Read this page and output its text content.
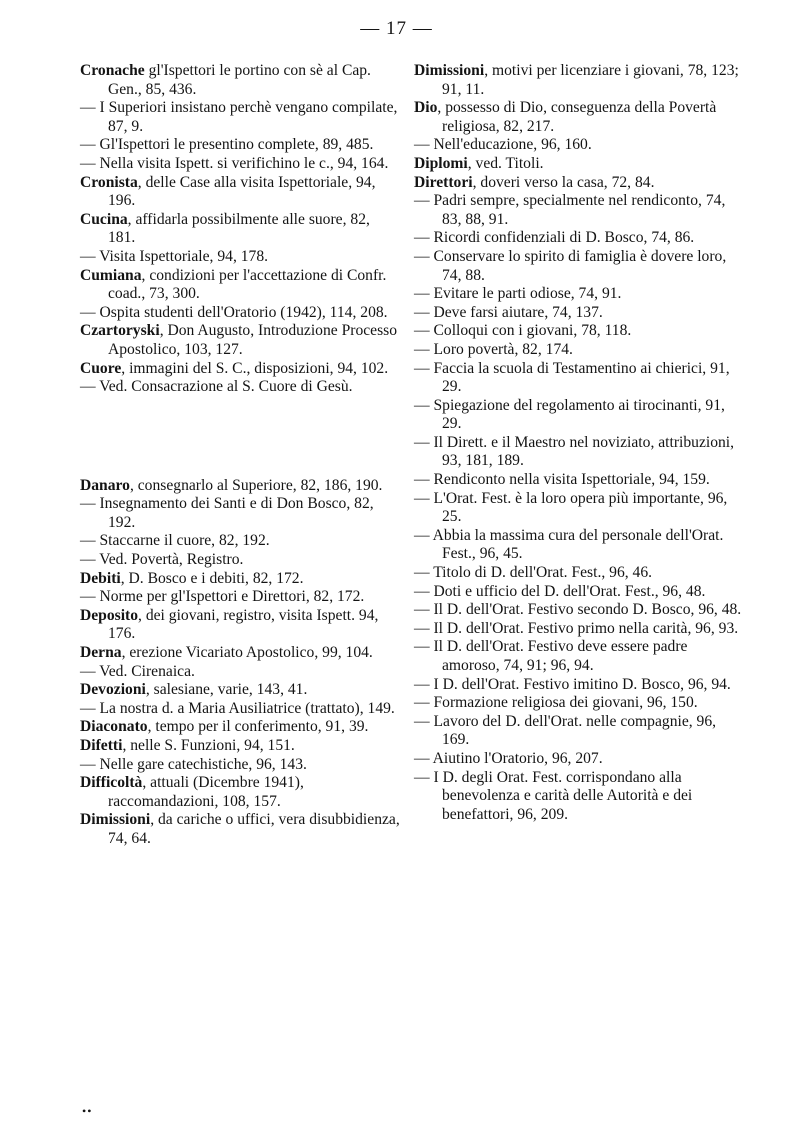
— 17 —
Cronache gl'Ispettori le portino con sè al Cap. Gen., 85, 436.
— I Superiori insistano perchè vengano compilate, 87, 9.
— Gl'Ispettori le presentino complete, 89, 485.
— Nella visita Ispett. si verifichino le c., 94, 164.
Cronista, delle Case alla visita Ispettoriale, 94, 196.
Cucina, affidarla possibilmente alle suore, 82, 181.
— Visita Ispettoriale, 94, 178.
Cumiana, condizioni per l'accettazione di Confr. coad., 73, 300.
— Ospita studenti dell'Oratorio (1942), 114, 208.
Czartoryski, Don Augusto, Introduzione Processo Apostolico, 103, 127.
Cuore, immagini del S. C., disposizioni, 94, 102.
— Ved. Consacrazione al S. Cuore di Gesù.
Danaro, consegnarlo al Superiore, 82, 186, 190.
— Insegnamento dei Santi e di Don Bosco, 82, 192.
— Staccarne il cuore, 82, 192.
— Ved. Povertà, Registro.
Debiti, D. Bosco e i debiti, 82, 172.
— Norme per gl'Ispettori e Direttori, 82, 172.
Deposito, dei giovani, registro, visita Ispett. 94, 176.
Derna, erezione Vicariato Apostolico, 99, 104.
— Ved. Cirenaica.
Devozioni, salesiane, varie, 143, 41.
— La nostra d. a Maria Ausiliatrice (trattato), 149.
Diaconato, tempo per il conferimento, 91, 39.
Difetti, nelle S. Funzioni, 94, 151.
— Nelle gare catechistiche, 96, 143.
Difficoltà, attuali (Dicembre 1941), raccomandazioni, 108, 157.
Dimissioni, da cariche o uffici, vera disubbidienza, 74, 64.
Dimissioni, motivi per licenziare i giovani, 78, 123; 91, 11.
Dio, possesso di Dio, conseguenza della Povertà religiosa, 82, 217.
— Nell'educazione, 96, 160.
Diplomi, ved. Titoli.
Direttori, doveri verso la casa, 72, 84.
— Padri sempre, specialmente nel rendiconto, 74, 83, 88, 91.
— Ricordi confidenziali di D. Bosco, 74, 86.
— Conservare lo spirito di famiglia è dovere loro, 74, 88.
— Evitare le parti odiose, 74, 91.
— Deve farsi aiutare, 74, 137.
— Colloqui con i giovani, 78, 118.
— Loro povertà, 82, 174.
— Faccia la scuola di Testamentino ai chierici, 91, 29.
— Spiegazione del regolamento ai tirocinanti, 91, 29.
— Il Dirett. e il Maestro nel noviziato, attribuzioni, 93, 181, 189.
— Rendiconto nella visita Ispettoriale, 94, 159.
— L'Orat. Fest. è la loro opera più importante, 96, 25.
— Abbia la massima cura del personale dell'Orat. Fest., 96, 45.
— Titolo di D. dell'Orat. Fest., 96, 46.
— Doti e ufficio del D. dell'Orat. Fest., 96, 48.
— Il D. dell'Orat. Festivo secondo D. Bosco, 96, 48.
— Il D. dell'Orat. Festivo primo nella carità, 96, 93.
— Il D. dell'Orat. Festivo deve essere padre amoroso, 74, 91; 96, 94.
— I D. dell'Orat. Festivo imitino D. Bosco, 96, 94.
— Formazione religiosa dei giovani, 96, 150.
— Lavoro del D. dell'Orat. nelle compagnie, 96, 169.
— Aiutino l'Oratorio, 96, 207.
— I D. degli Orat. Fest. corrispondano alla benevolenza e carità delle Autorità e dei benefattori, 96, 209.
••
